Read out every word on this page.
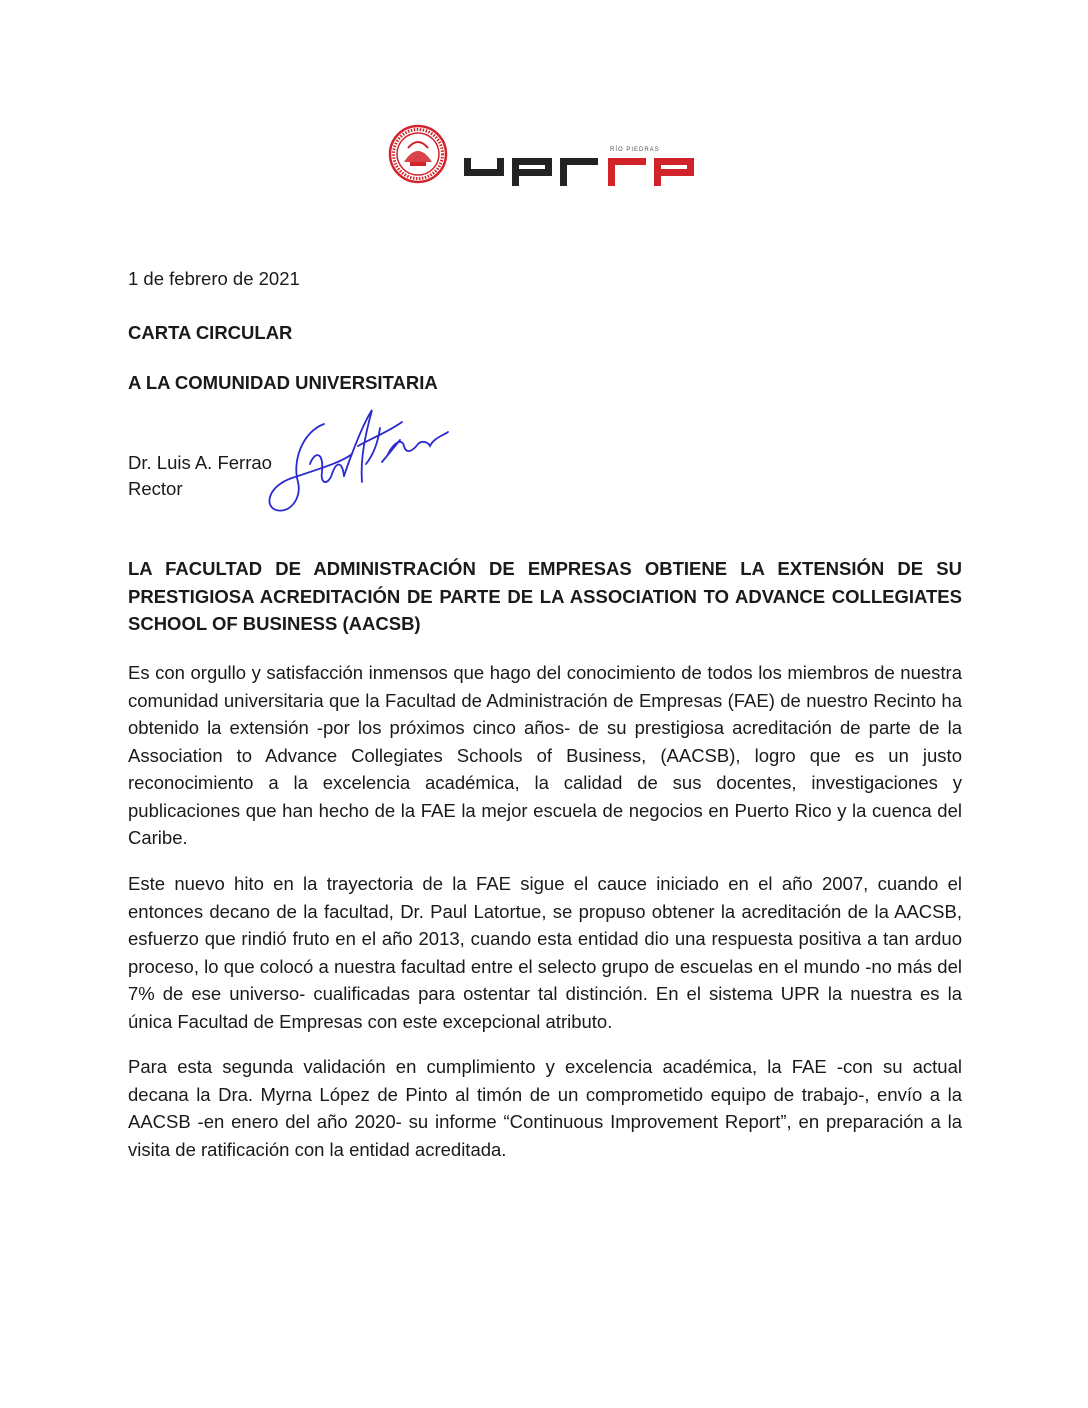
RÍO PIEDRAS
1 de febrero de 2021
CARTA CIRCULAR
A LA COMUNIDAD UNIVERSITARIA
Dr. Luis A. Ferrao
Rector
LA FACULTAD DE ADMINISTRACIÓN DE EMPRESAS OBTIENE LA EXTENSIÓN DE SU PRESTIGIOSA ACREDITACIÓN DE PARTE DE LA ASSOCIATION TO ADVANCE COLLEGIATES SCHOOL OF BUSINESS (AACSB)

Es con orgullo y satisfacción inmensos que hago del conocimiento de todos los miembros de nuestra comunidad universitaria que la Facultad de Administración de Empresas (FAE) de nuestro Recinto ha obtenido la extensión -por los próximos cinco años- de su prestigiosa acreditación de parte de la Association to Advance Collegiates Schools of Business, (AACSB), logro que es un justo reconocimiento a la excelencia académica, la calidad de sus docentes, investigaciones y publicaciones que han hecho de la FAE la mejor escuela de negocios en Puerto Rico y la cuenca del Caribe.

Este nuevo hito en la trayectoria de la FAE sigue el cauce iniciado en el año 2007, cuando el entonces decano de la facultad, Dr. Paul Latortue, se propuso obtener la acreditación de la AACSB, esfuerzo que rindió fruto en el año 2013, cuando esta entidad dio una respuesta positiva a tan arduo proceso, lo que colocó a nuestra facultad entre el selecto grupo de escuelas en el mundo -no más del 7% de ese universo- cualificadas para ostentar tal distinción. En el sistema UPR la nuestra es la única Facultad de Empresas con este excepcional atributo.

Para esta segunda validación en cumplimiento y excelencia académica, la FAE -con su actual decana la Dra. Myrna López de Pinto al timón de un comprometido equipo de trabajo-, envío a la AACSB -en enero del año 2020- su informe “Continuous Improvement Report”, en preparación a la visita de ratificación con la entidad acreditada.
